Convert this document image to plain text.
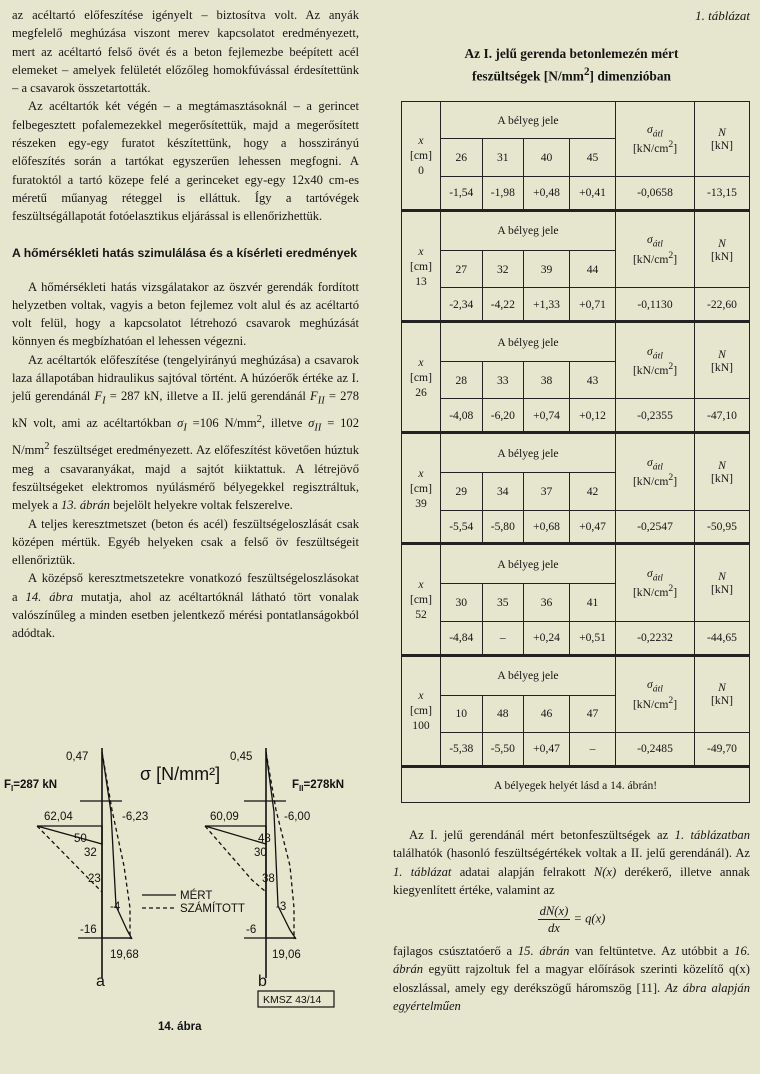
az acéltartó előfeszítése igényelt – biztosítva volt. Az anyák megfelelő meghúzása viszont merev kapcsolatot eredményezett, mert az acéltartó felső övét és a beton fejlemezbe beépített acél elemeket – amelyek felületét előzőleg homokfúvással érdesítettünk – a csavarok összetartották.

Az acéltartók két végén – a megtámasztásoknál – a gerincet felbegesztett pofalemezekkel megerősítettük, majd a megerősített részeken egy-egy furatot készítettünk, hogy a hosszirányú előfeszítés során a tartókat egyszerűen lehessen megfogni. A furatoktól a tartó közepe felé a gerinceket egy-egy 12x40 cm-es méretű műanyag réteggel is elláttuk. Így a tartóvégek feszültségállapotát fotóelasztikus eljárással is ellenőrizhettük.

A hőmérsékleti hatás szimulálása és a kísérleti eredmények

A hőmérsékleti hatás vizsgálatakor az öszvér gerendák fordított helyzetben voltak, vagyis a beton fejlemez volt alul és az acéltartó volt felül, hogy a kapcsolatot létrehozó csavarok meghúzását könnyen és megbízhatóan el lehessen végezni.

Az acéltartók előfeszítése (tengelyirányú meghúzása) a csavarok laza állapotában hidraulikus sajtóval történt. A húzóerők értéke az I. jelű gerendánál $F_I = 287$ kN, illetve a II. jelű gerendánál $F_{II} = 278$ kN volt, ami az acéltartókban $\sigma_I =106$ $N/mm^2$, illetve $\sigma_{II} = 102$ $N/mm^2$ feszültséget eredményezett. Az előfeszítést követően húztuk meg a csavaranyákat, majd a sajtót kiiktattuk. A létrejövő feszültségeket elektromos nyúlásmérő bélyegekkel regisztráltuk, melyek a 13. ábrán bejelölt helyekre voltak felszerelve.

A teljes keresztmetszet (beton és acél) feszültségeloszlását csak középen mértük. Egyéb helyeken csak a felső öv feszültségeit ellenőriztük.

A középső keresztmetszetekre vonatkozó feszültségeloszlásokat a 14. ábra mutatja, ahol az acéltartóknál látható tört vonalak valószínűleg a minden esetben jelentkező mérési pontatlanságokból adódtak.

0,47
$F_I=287$ kN
σ [N/mm²]
62,04	-6,23
50
32
23
-4
-16
19,68
a
0,45
$F_{II}=278kN$
60,09	-6,00
48
30
38
-3
-6
19,06
b
MÉRT
SZÁMÍTOTT
KMSZ 43/14
14. ábra
1. táblázat
Az I. jelű gerenda betonlemezén mért
feszültségek $[N/mm^2]$ dimenzióban
x
[cm]
0	A bélyeg jele				$\sigma_{átl}$
$[kN/cm^2]$	N
[kN]
	26	31	40	45		
	-1,54	-1,98	+0,48	+0,41	-0,0658	-13,15
x
[cm]
13	A bélyeg jele				$\sigma_{átl}$
$[kN/cm^2]$	N
[kN]
	27	32	39	44		
	-2,34	-4,22	+1,33	+0,71	-0,1130	-22,60
x
[cm]
26	A bélyeg jele				$\sigma_{átl}$
$[kN/cm^2]$	N
[kN]
	28	33	38	43		
	-4,08	-6,20	+0,74	+0,12	-0,2355	-47,10
x
[cm]
39	A bélyeg jele				$\sigma_{átl}$
$[kN/cm^2]$	N
[kN]
	29	34	37	42		
	-5,54	-5,80	+0,68	+0,47	-0,2547	-50,95
x
[cm]
52	A bélyeg jele				$\sigma_{átl}$
$[kN/cm^2]$	N
[kN]
	30	35	36	41		
	-4,84	–	+0,24	+0,51	-0,2232	-44,65
x
[cm]
100	A bélyeg jele				$\sigma_{átl}$
$[kN/cm^2]$	N
[kN]
	10	48	46	47		
	-5,38	-5,50	+0,47	–	-0,2485	-49,70
A bélyegek helyét lásd a 14. ábrán!						

Az I. jelű gerendánál mért betonfeszültségek az 1. táblázatban találhatók (hasonló feszültségértékek voltak a II. jelű gerendánál). Az 1. táblázat adatai alapján felrakott N(x) derékerő, illetve annak kiegyenlített értéke, valamint az

$\frac{dN(x)}{dx} = q(x)$

fajlagos csúsztatóerő a 15. ábrán van feltüntetve. Az utóbbit a 16. ábrán együtt rajzoltuk fel a magyar előírások szerinti közelítő q(x) eloszlással, amely egy derékszögű háromszög [11]. Az ábra alapján egyértelműen
